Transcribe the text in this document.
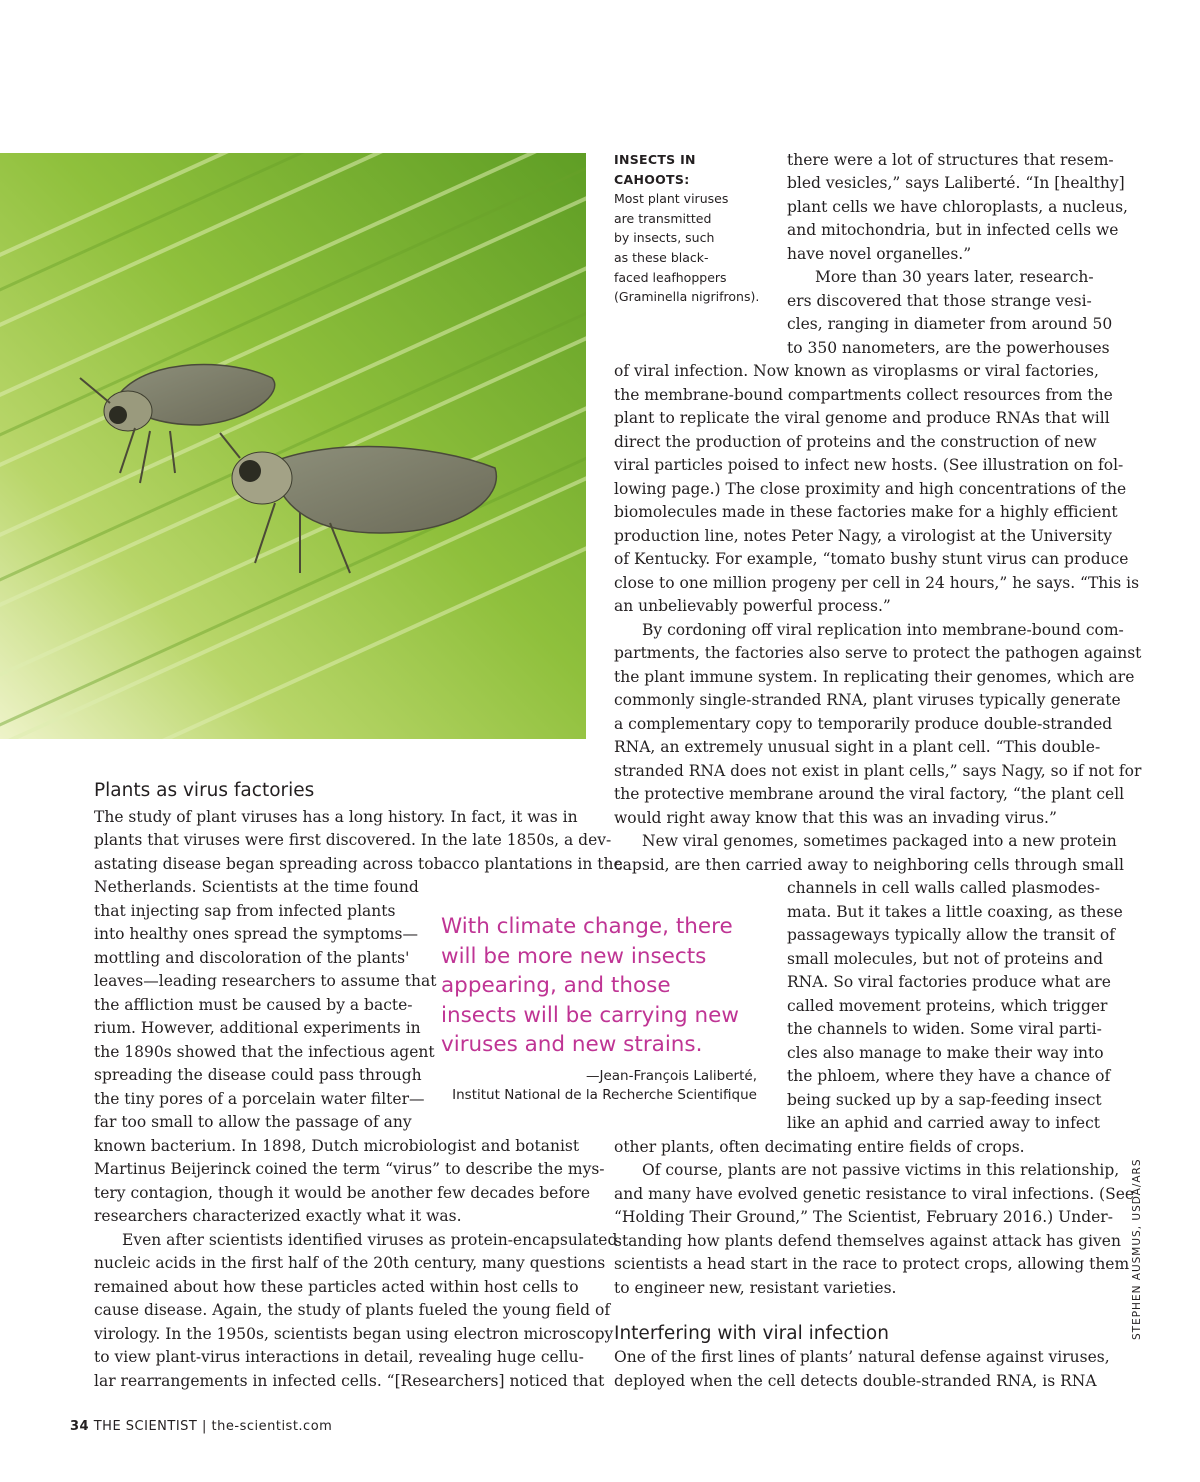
INSECTS IN
CAHOOTS:
Most plant viruses
are transmitted
by insects, such
as these black-
faced leafhoppers
(Graminella nigrifrons).
Plants as virus factories
The study of plant viruses has a long history. In fact, it was in
plants that viruses were first discovered. In the late 1850s, a dev-
astating disease began spreading across tobacco plantations in the
Netherlands. Scientists at the time found
that injecting sap from infected plants
into healthy ones spread the symptoms—
mottling and discoloration of the plants'
leaves—leading researchers to assume that
the affliction must be caused by a bacte-
rium. However, additional experiments in
the 1890s showed that the infectious agent
spreading the disease could pass through
the tiny pores of a porcelain water filter—
far too small to allow the passage of any
known bacterium. In 1898, Dutch microbiologist and botanist
Martinus Beijerinck coined the term “virus” to describe the mys-
tery contagion, though it would be another few decades before
researchers characterized exactly what it was.
Even after scientists identified viruses as protein-encapsulated
nucleic acids in the first half of the 20th century, many questions
remained about how these particles acted within host cells to
cause disease. Again, the study of plants fueled the young field of
virology. In the 1950s, scientists began using electron microscopy
to view plant-virus interactions in detail, revealing huge cellu-
lar rearrangements in infected cells. “[Researchers] noticed that
With climate change, there
will be more new insects
appearing, and those
insects will be carrying new
viruses and new strains.
—Jean-François Laliberté,
Institut National de la Recherche Scientifique
there were a lot of structures that resem-
bled vesicles,” says Laliberté. “In [healthy]
plant cells we have chloroplasts, a nucleus,
and mitochondria, but in infected cells we
have novel organelles.”
More than 30 years later, research-
ers discovered that those strange vesi-
cles, ranging in diameter from around 50
to 350 nanometers, are the powerhouses
of viral infection. Now known as viroplasms or viral factories,
the membrane-bound compartments collect resources from the
plant to replicate the viral genome and produce RNAs that will
direct the production of proteins and the construction of new
viral particles poised to infect new hosts. (See illustration on fol-
lowing page.) The close proximity and high concentrations of the
biomolecules made in these factories make for a highly efficient
production line, notes Peter Nagy, a virologist at the University
of Kentucky. For example, “tomato bushy stunt virus can produce
close to one million progeny per cell in 24 hours,” he says. “This is
an unbelievably powerful process.”
By cordoning off viral replication into membrane-bound com-
partments, the factories also serve to protect the pathogen against
the plant immune system. In replicating their genomes, which are
commonly single-stranded RNA, plant viruses typically generate
a complementary copy to temporarily produce double-stranded
RNA, an extremely unusual sight in a plant cell. “This double-
stranded RNA does not exist in plant cells,” says Nagy, so if not for
the protective membrane around the viral factory, “the plant cell
would right away know that this was an invading virus.”
New viral genomes, sometimes packaged into a new protein
capsid, are then carried away to neighboring cells through small
channels in cell walls called plasmodes-
mata. But it takes a little coaxing, as these
passageways typically allow the transit of
small molecules, but not of proteins and
RNA. So viral factories produce what are
called movement proteins, which trigger
the channels to widen. Some viral parti-
cles also manage to make their way into
the phloem, where they have a chance of
being sucked up by a sap-feeding insect
like an aphid and carried away to infect
other plants, often decimating entire fields of crops.
Of course, plants are not passive victims in this relationship,
and many have evolved genetic resistance to viral infections. (See
“Holding Their Ground,” The Scientist, February 2016.) Under-
standing how plants defend themselves against attack has given
scientists a head start in the race to protect crops, allowing them
to engineer new, resistant varieties.
Interfering with viral infection
One of the first lines of plants’ natural defense against viruses,
deployed when the cell detects double-stranded RNA, is RNA
34 THE SCIENTIST | the-scientist.com
STEPHEN AUSMUS, USDA/ARS
